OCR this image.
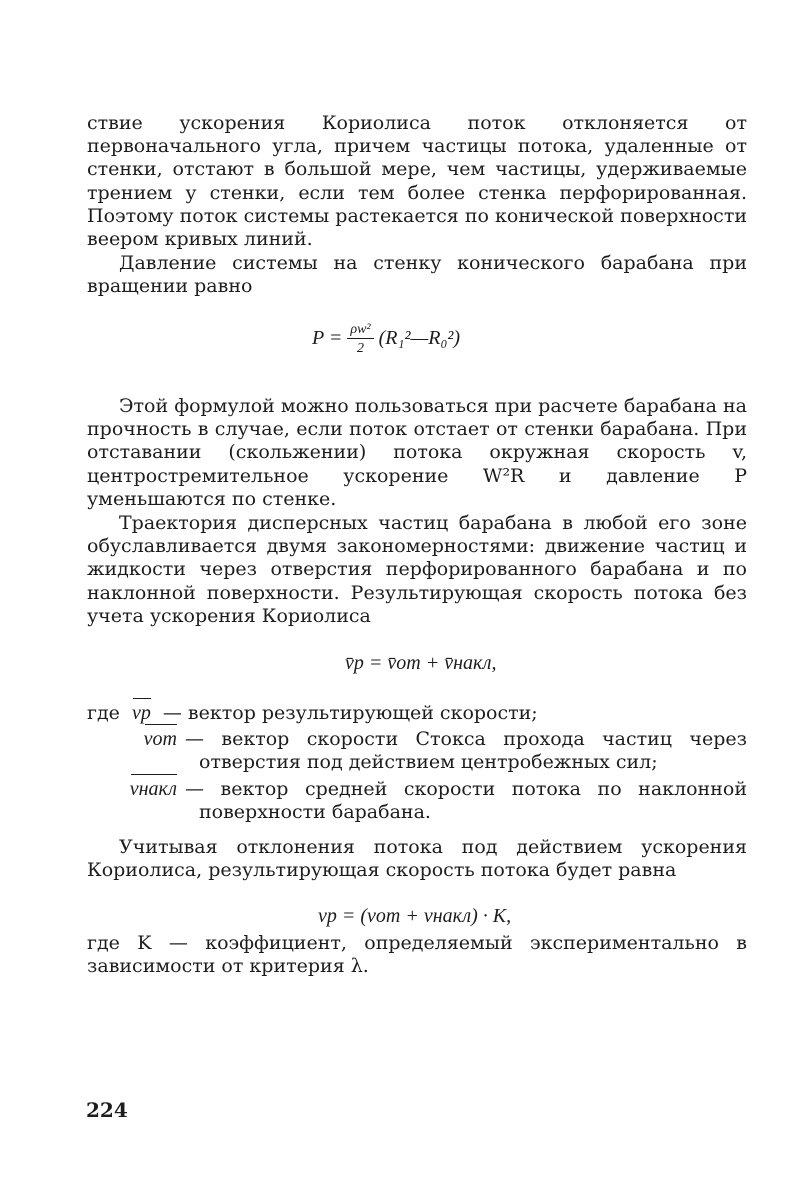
ствие ускорения Кориолиса поток отклоняется от первоначального угла, причем частицы потока, удаленные от стенки, отстают в большой мере, чем частицы, удерживаемые трением у стенки, если тем более стенка перфорированная. Поэтому поток системы растекается по конической поверхности веером кривых линий.

Давление системы на стенку конического барабана при вращении равно

$P = \frac{\text{ρw²}}{2}$ (R₁²—R₀²)

Этой формулой можно пользоваться при расчете барабана на прочность в случае, если поток отстает от стенки барабана. При отставании (скольжении) потока окружная скорость v, центростремительное ускорение W²R и давление P уменьшаются по стенке.

Траектория дисперсных частиц барабана в любой его зоне обуславливается двумя закономерностями: движение частиц и жидкости через отверстия перфорированного барабана и по наклонной поверхности. Результирующая скорость потока без учета ускорения Кориолиса

v̄p = v̄от + v̄накл,
где vp — вектор результирующей скорости;
vот — вектор скорости Стокса прохода частиц через отверстия под действием центробежных сил;
vнакл — вектор средней скорости потока по наклонной поверхности барабана.

Учитывая отклонения потока под действием ускорения Кориолиса, результирующая скорость потока будет равна

vр = (vот + vнакл) · K,

где K — коэффициент, определяемый экспериментально в зависимости от критерия λ.

224
